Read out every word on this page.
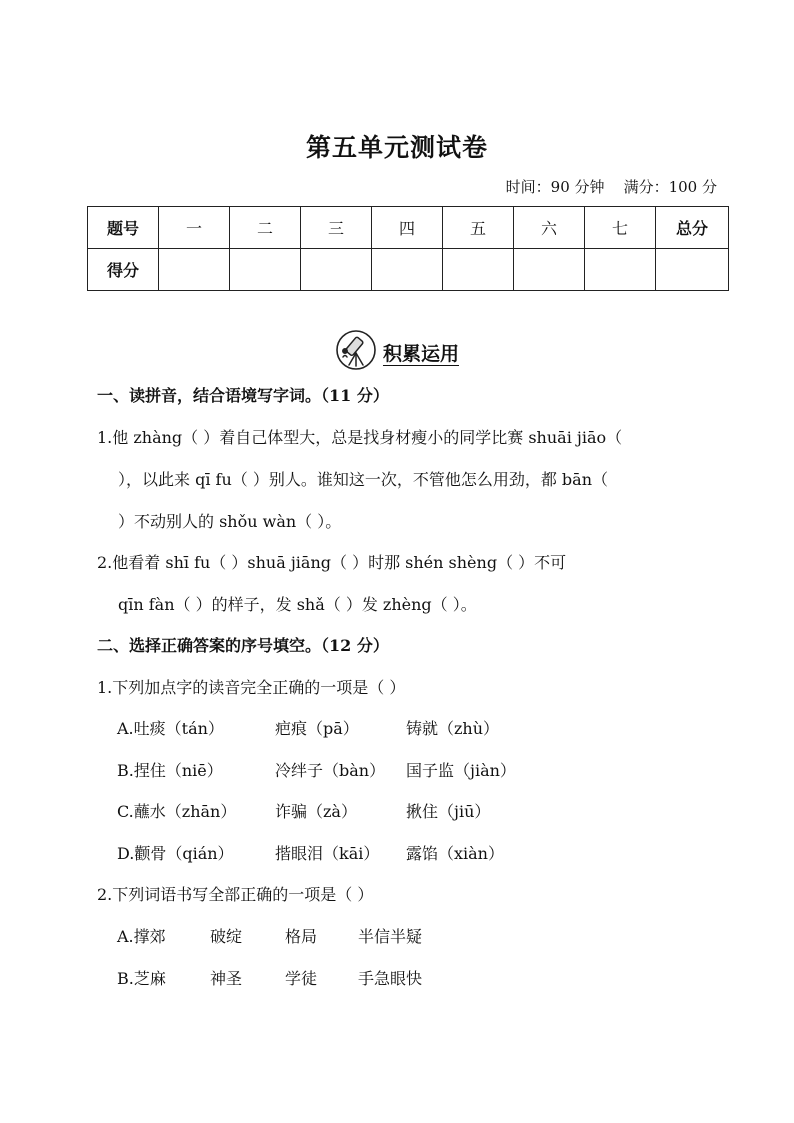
第五单元测试卷
时间：90 分钟    满分：100 分
题号	一	二	三	四	五	六	七	总分
得分								
积累运用
一、读拼音，结合语境写字词。（11 分）
1.他 zhàng（ ）着自己体型大，总是找身材瘦小的同学比赛 shuāi jiāo（
），以此来 qī fu（ ）别人。谁知这一次，不管他怎么用劲，都 bān（
）不动别人的 shǒu wàn（ ）。
2.他看着 shī fu（ ）shuā jiāng（ ）时那 shén shèng（ ）不可
qīn fàn（ ）的样子，发 shǎ（ ）发 zhèng（ ）。
二、选择正确答案的序号填空。（12 分）
1.下列加点字的读音完全正确的一项是（ ）
A.吐痰（tán）	疤痕（pā）	铸就（zhù）
B.捏住（niē）	冷绊子（bàn） 国子监（jiàn）
C.蘸水（zhān） 诈骗（zà）	揪住（jiū）
D.颧骨（qián）	揩眼泪（kāi） 露馅（xiàn）
2.下列词语书写全部正确的一项是（ ）
A.撑郊	破绽	格局	半信半疑
B.芝麻	神圣	学徒	手急眼快
